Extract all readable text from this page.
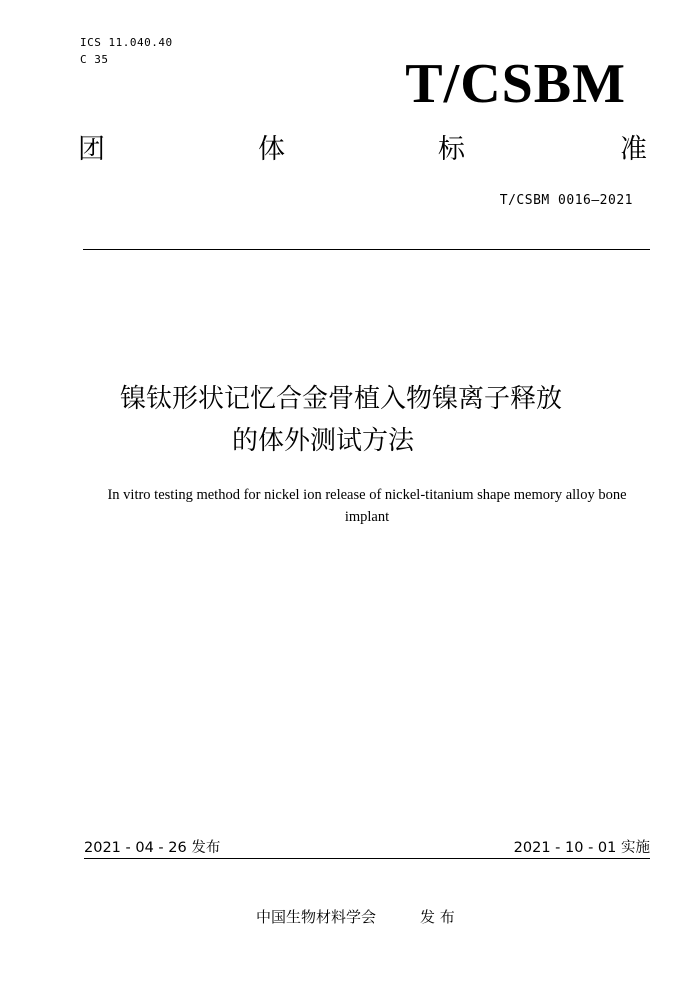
ICS 11.040.40
C 35	T/CSBM
团	体	标	准
T/CSBM 0016—2021
镍钛形状记忆合金骨植入物镍离子释放
的体外测试方法
In vitro testing method for nickel ion release of nickel-titanium shape memory alloy bone implant
2021 - 04 - 26 发布	2021 - 10 - 01 实施
中国生物材料学会	发 布
